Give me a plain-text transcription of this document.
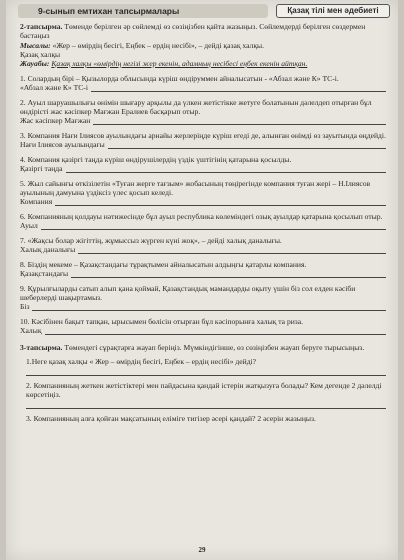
9-сынып емтихан тапсырмалары	Қазақ тілі мен әдебиеті

2-тапсырма. Төменде берілген әр сөйлемді өз сөзіңізбен қайта жазыңыз. Сөйлемдерді берілген сөздермен бастаңыз

Мысалы: «Жер – өмірдің бесігі, Еңбек – ердің несібі», – дейді қазақ халқы.

Қазақ халқы

Жауабы: Қазақ халқы «өмірдің негізі жер екенін, адамның несібесі еңбек екенін айтқан.

1. Солардың бірі – Қызылорда облысында күріш өндіруммен айналысатын - «Абзал және К» ТС-і.

«Абзал және К» ТС-і

2. Ауыл шаруашылығы өнімін шығару арқылы да үлкен жетістікке жетуге болатынын дәлелдеп отырған бұл өндірісті жас кәсіпкер Мағжан Ералиев басқарып отыр.

Жас кәсіпкер Мағжан

3. Компания Нағи Ілиясов ауылындағы арнайы жерлеріңде күріш егеді де, алынған өнімді өз зауытында өңдейді.

Нағи Ілиясов ауылындағы

4. Компания қазіргі таңда күріш өндірушілердің үздік үштігінің қатарына қосылды.

Қазіргі таңда

5. Жыл сайынғы өткізілетін «Туған жерге тағзым» жобасының төңірегінде компания туған жері – Н.Ілиясов ауылының дамуына үздіксіз үлес қосып келеді.

Компания

6. Компанияның қолдауы нәтижесінде бұл ауыл республика көлеміндегі озық ауылдар қатарына қосылып отыр.

Ауыл

7. «Жақсы болар жігіттің, жұмыссыз жүрген күні жоқ», – дейді халық даналығы.

Халық даналығы

8. Біздің мекеме – Қазақстандағы тұрақтымен айналысатын алдыңғы қатарлы компания.

Қазақстандағы

9. Құрылғыларды сатып алып қана қоймай, Қазақстандық мамандарды оқыту үшін біз сол елден кәсіби шеберлерді шақыртамыз.

Біз

10. Кәсібінен бақыт тапқан, ырысымен бөлісін отырған бұл кәсіпорынға халық та риза.

Халық

3-тапсырма. Төмендегі сұрақтарға жауап беріңіз. Мүмкіндігінше, өз сөзіңізбен жауап беруге тырысыңыз.

1.Неге қазақ халқы « Жер – өмірдің бесігі, Еңбек – ердің несібі» дейді?

2. Компанияның жеткен жетістіктері мен пайдасына қандай істерін жатқызуға болады? Кем дегенде 2 дәлелді көрсетіңіз.

3. Компанияның алға қойған мақсатының еліміге тигізер әсері қандай? 2 әсерін жазыңыз.

29
